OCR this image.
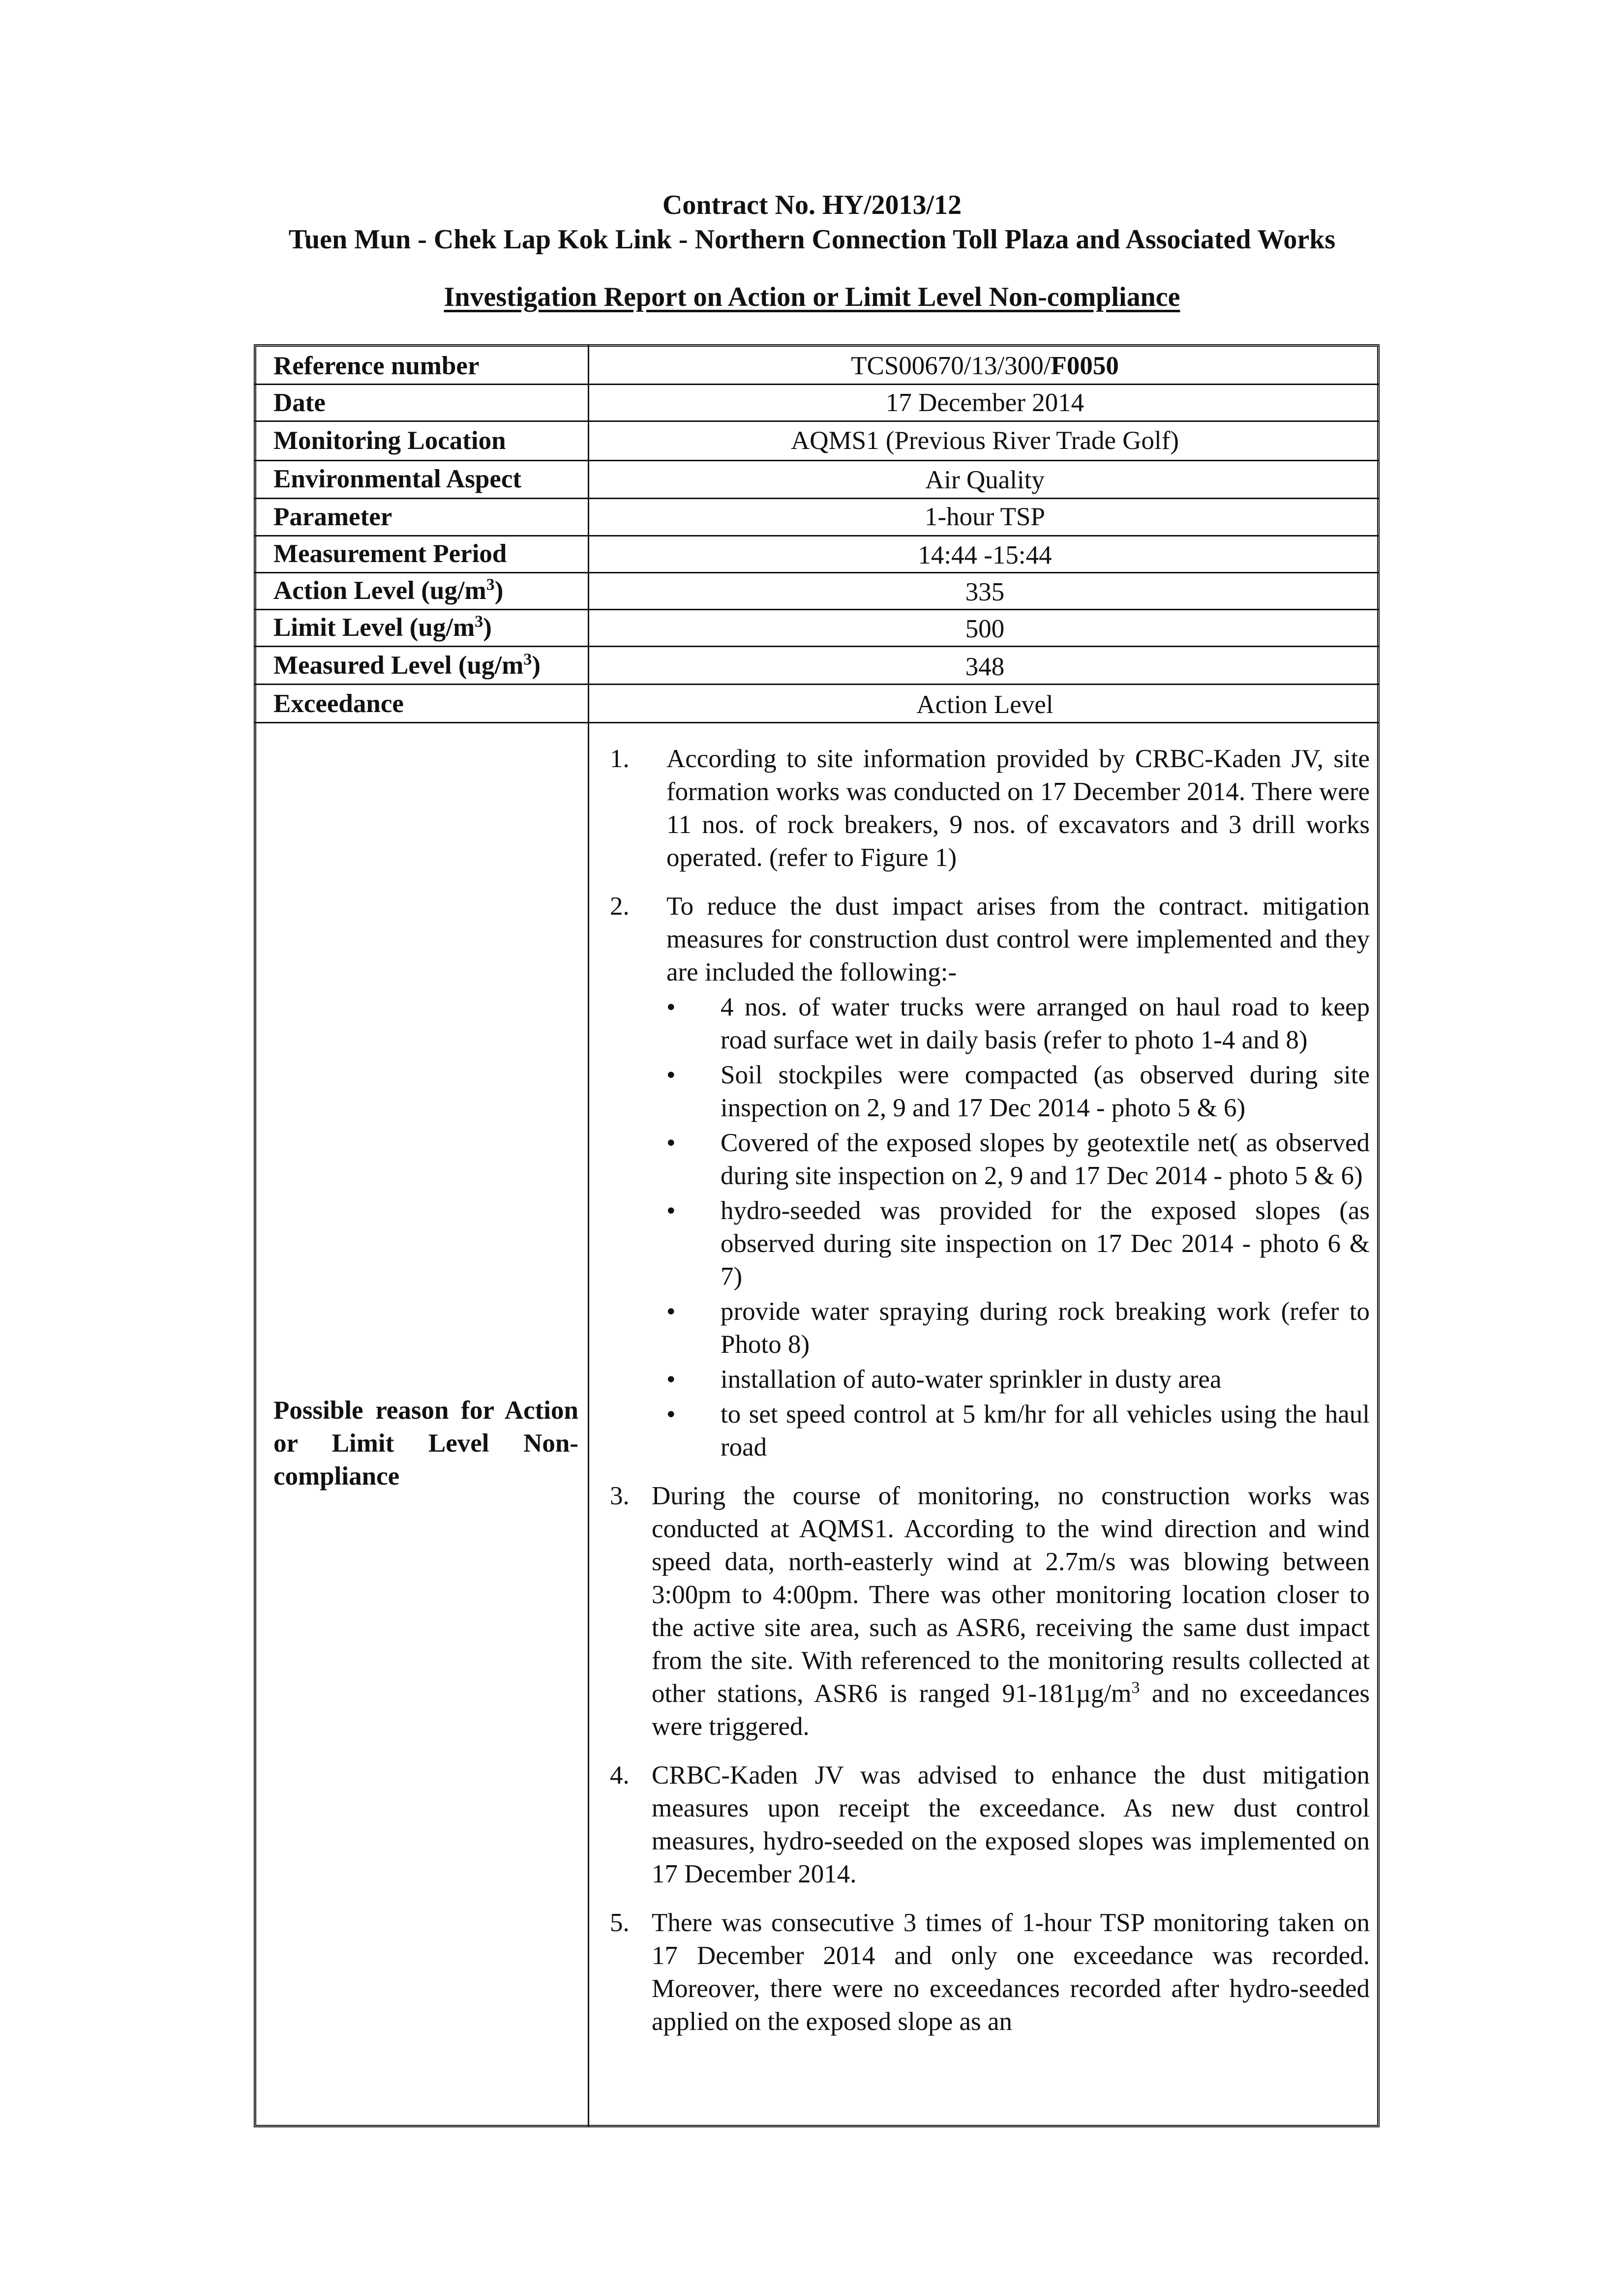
Contract No. HY/2013/12
Tuen Mun - Chek Lap Kok Link - Northern Connection Toll Plaza and Associated Works
Investigation Report on Action or Limit Level Non-compliance
Reference number
Date
Monitoring Location
Environmental Aspect
Parameter
Measurement Period
Action Level $(ug/m^3)$
Limit Level $(ug/m^3)$
Measured Level $(ug/m^3)$
Exceedance
TCS00670/13/300/F0050
17 December 2014
AQMS1 (Previous River Trade Golf)
Air Quality
1-hour TSP
14:44 -15:44
335
500
348
Action Level
Possible reason for Action or Limit Level Non-compliance
1. According to site information provided by CRBC-Kaden JV, site formation works was conducted on 17 December 2014. There were 11 nos. of rock breakers, 9 nos. of excavators and 3 drill works operated. (refer to Figure 1)
2. To reduce the dust impact arises from the contract. mitigation measures for construction dust control were implemented and they are included the following:-
• 4 nos. of water trucks were arranged on haul road to keep road surface wet in daily basis (refer to photo 1-4 and 8)
• Soil stockpiles were compacted (as observed during site inspection on 2, 9 and 17 Dec 2014 - photo 5 & 6)
• Covered of the exposed slopes by geotextile net( as observed during site inspection on 2, 9 and 17 Dec 2014 - photo 5 & 6)
• hydro-seeded was provided for the exposed slopes (as observed during site inspection on 17 Dec 2014 - photo 6 & 7)
• provide water spraying during rock breaking work (refer to Photo 8)
• installation of auto-water sprinkler in dusty area
• to set speed control at 5 km/hr for all vehicles using the haul road
3. During the course of monitoring, no construction works was conducted at AQMS1. According to the wind direction and wind speed data, north-easterly wind at 2.7m/s was blowing between 3:00pm to 4:00pm. There was other monitoring location closer to the active site area, such as ASR6, receiving the same dust impact from the site. With referenced to the monitoring results collected at other stations, ASR6 is ranged $91-181\mu g/m^3$ and no exceedances were triggered.
4. CRBC-Kaden JV was advised to enhance the dust mitigation measures upon receipt the exceedance. As new dust control measures, hydro-seeded on the exposed slopes was implemented on 17 December 2014.
5. There was consecutive 3 times of 1-hour TSP monitoring taken on 17 December 2014 and only one exceedance was recorded. Moreover, there were no exceedances recorded after hydro-seeded applied on the exposed slope as an
